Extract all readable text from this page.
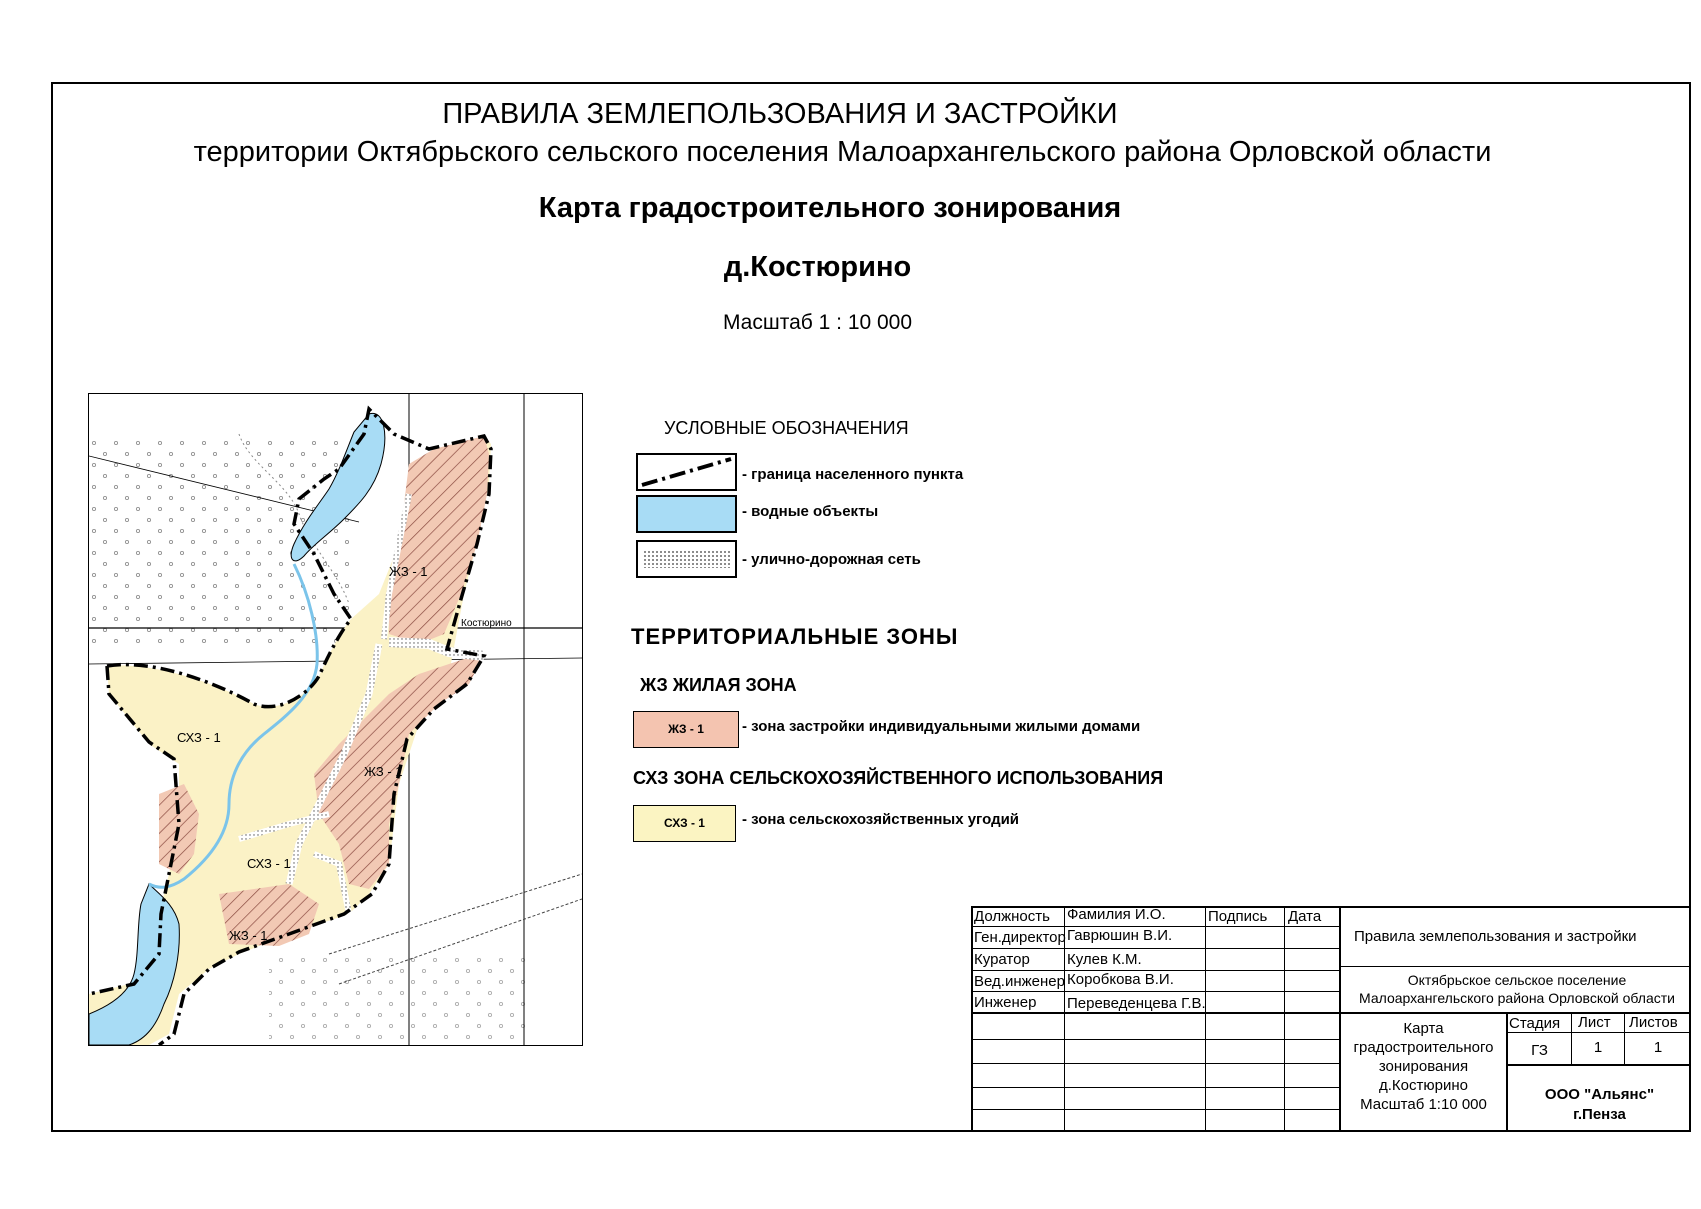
ПРАВИЛА ЗЕМЛЕПОЛЬЗОВАНИЯ И ЗАСТРОЙКИ
территории Октябрьского сельского поселения Малоархангельского района Орловской области
Карта градостроительного зонирования
д.Костюрино
Масштаб 1 : 10 000
Костюрино
ЖЗ - 1
ЖЗ - 1
ЖЗ - 1
СХЗ - 1
СХЗ - 1
УСЛОВНЫЕ ОБОЗНАЧЕНИЯ
- граница населенного пункта
- водные объекты
- улично-дорожная сеть
ТЕРРИТОРИАЛЬНЫЕ ЗОНЫ
ЖЗ ЖИЛАЯ ЗОНА
ЖЗ - 1	- зона застройки индивидуальными жилыми домами
СХЗ ЗОНА СЕЛЬСКОХОЗЯЙСТВЕННОГО ИСПОЛЬЗОВАНИЯ
СХЗ - 1	- зона сельскохозяйственных угодий
Должность Фамилия И.О.	Подпись Дата
Ген.директор Гаврюшин В.И.
Куратор Кулев К.М.
Вед.инженер Коробкова В.И.
Инженер Переведенцева Г.В.
Правила землепользования и застройки
Октябрьское сельское поселение
Малоархангельского района Орловской области
Карта
градостроительного
зонирования
д.Костюрино
Масштаб 1:10 000
Стадия Лист Листов
ГЗ	1	1
ООО "Альянс"
г.Пенза
